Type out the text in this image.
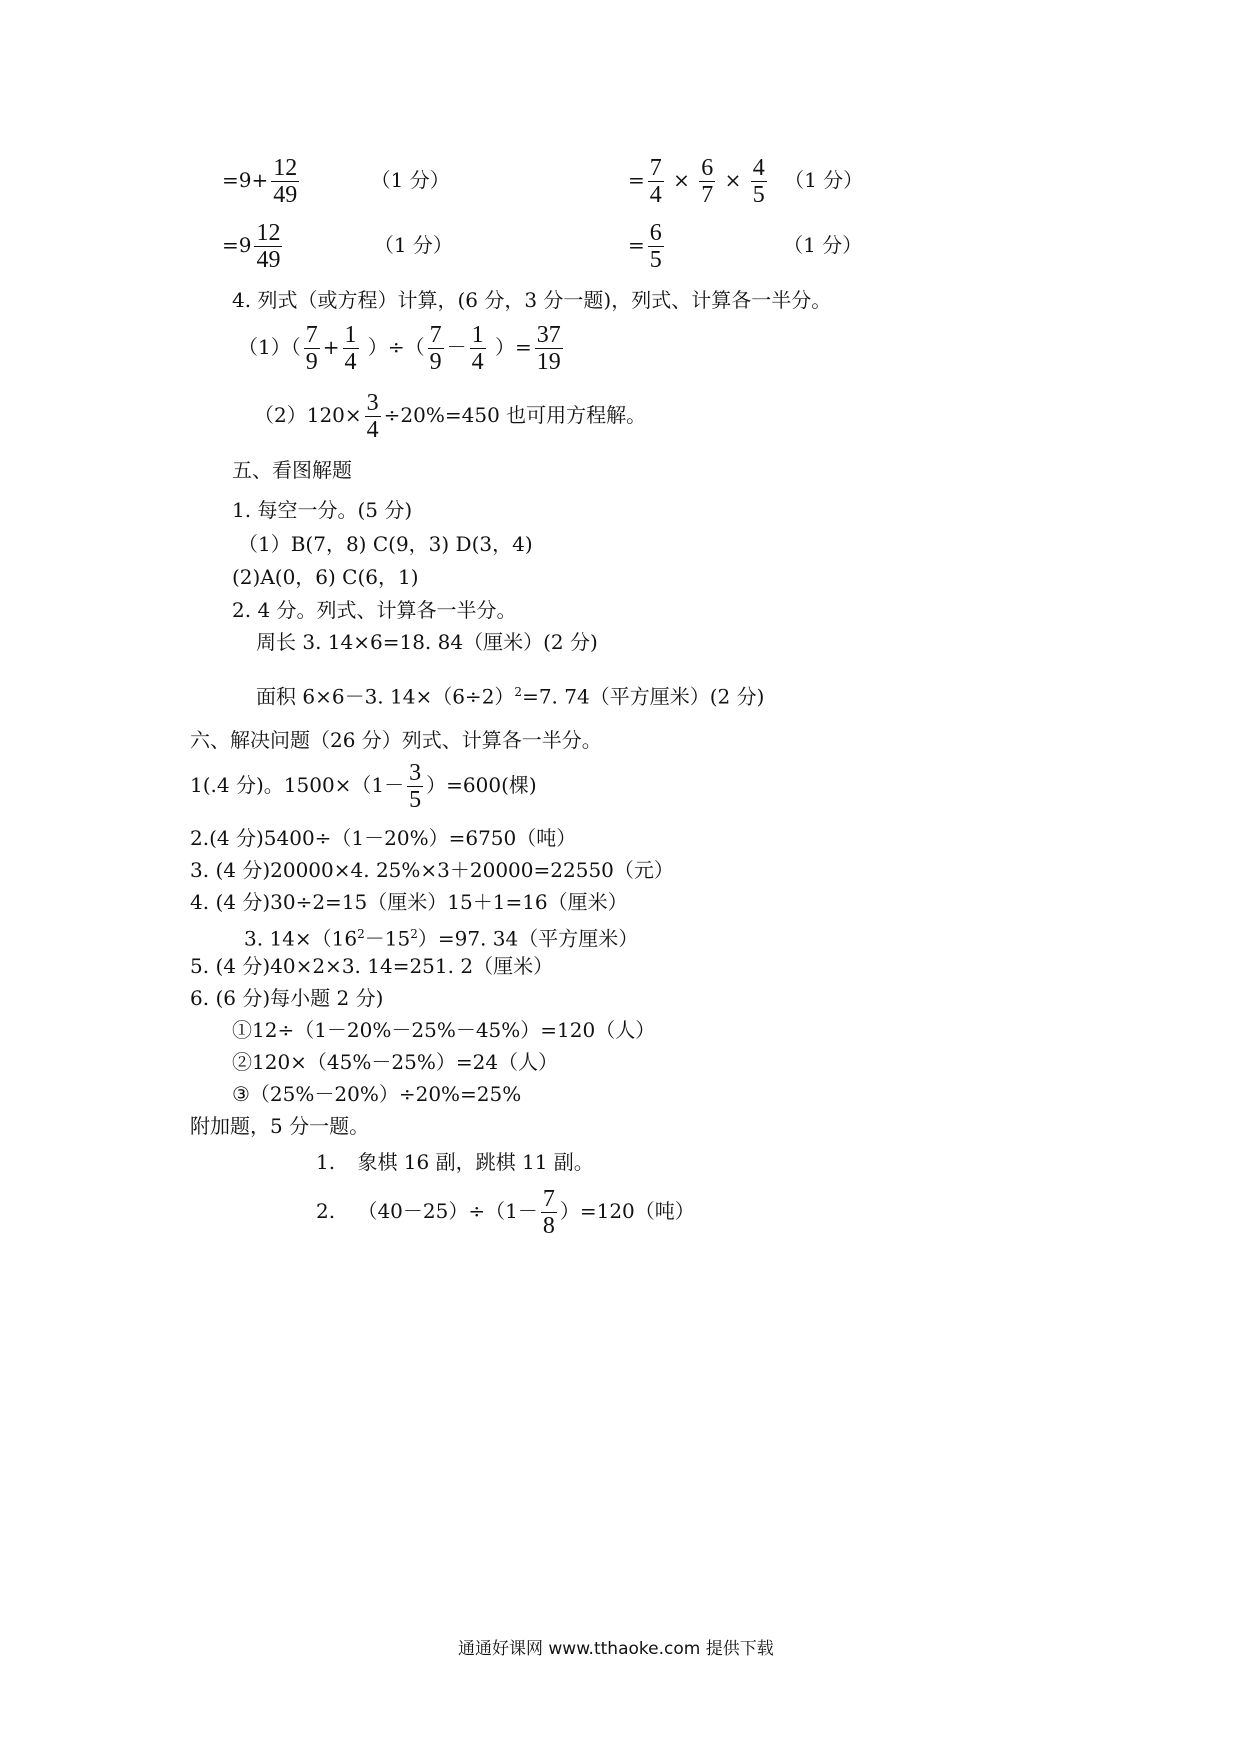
$=9+ \frac{12}{49}$	（1 分）	= $\frac{7}{4} \times \frac{6}{7} \times \frac{4}{5} (1$ 分）
$=9 \frac{12}{49}$	（1 分）	= $\frac{6}{5}$	（1 分）
4. 列式（或方程）计算，(6 分，3 分一题)，列式、计算各一半分。
$(1)( \frac{7}{9} + \frac{1}{4}$ ）÷（ $\frac{7}{9} - \frac{1}{4}$ ）= $\frac{37}{19}$
$(2)120\times \frac{3}{4} \div 20\%=450$ 也可用方程解。
五、看图解题
1. 每空一分。(5 分)
（1）B(7，8) C(9，3) D(3，4)
(2)A(0，6) C(6，1)
2. 4 分。列式、计算各一半分。
周长 3. 14×6=18. 84（厘米）(2 分)
面积 6×6－3. $14\times(6\div 2)^2=7$. 74（平方厘米）(2 分)
六、解决问题（26 分）列式、计算各一半分。
1(.4 分)。$1500\times(1- \frac{3}{5} )=600$(棵)
2.(4 分)5400÷（1－20%）=6750（吨）
3. (4 分)20000×4. 25%×3＋20000=22550（元）
4. (4 分)30÷2=15（厘米）15＋1=16（厘米）
3. $14\times(16^2-15^2)=97$. 34（平方厘米）
5. (4 分)40×2×3. 14=251. 2（厘米）
6. (6 分)每小题 2 分)
①12÷（1－20%－25%－45%）=120（人）
②120×（45%－25%）=24（人）
③（25%－20%）÷20%=25%
附加题，5 分一题。
1. 象棋 16 副，跳棋 11 副。
2. $(40-25)\div(1- \frac{7}{8} )=120$（吨）
通通好课网 www.tthaoke.com 提供下载
